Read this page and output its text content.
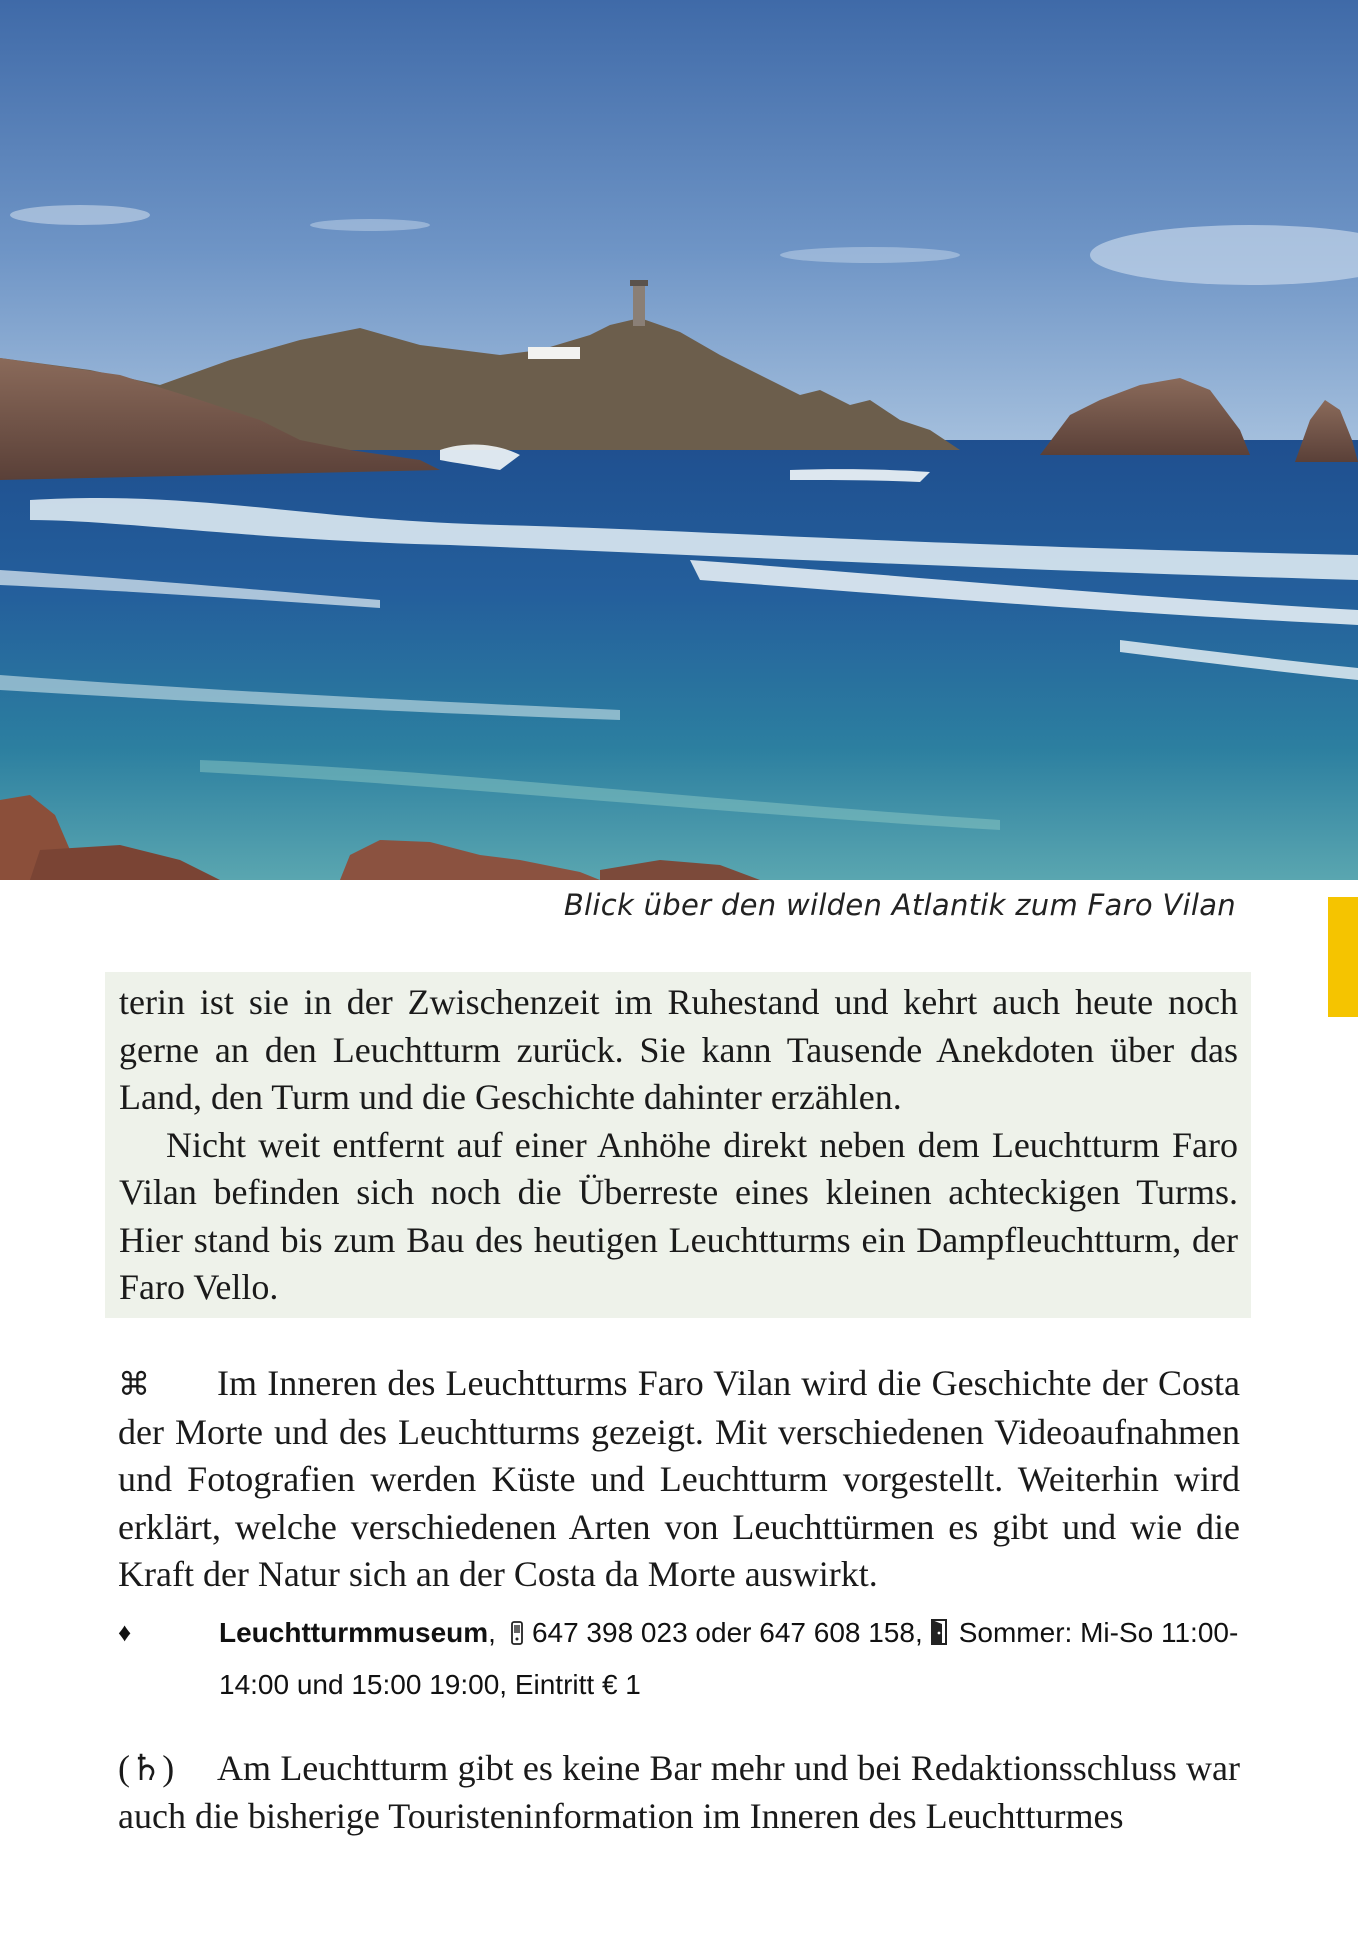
Blick über den wilden Atlantik zum Faro Vilan

terin ist sie in der Zwischenzeit im Ruhestand und kehrt auch heute noch gerne an den Leuchtturm zurück. Sie kann Tausende Anekdoten über das Land, den Turm und die Geschichte dahinter erzählen.

Nicht weit entfernt auf einer Anhöhe direkt neben dem Leuchtturm Faro Vilan befinden sich noch die Überreste eines kleinen achteckigen Turms. Hier stand bis zum Bau des heutigen Leuchtturms ein Dampfleuchtturm, der Faro Vello.

⌘ Im Inneren des Leuchtturms Faro Vilan wird die Geschichte der Costa der Morte und des Leuchtturms gezeigt. Mit verschiedenen Videoaufnahmen und Fotografien werden Küste und Leuchtturm vorgestellt. Weiterhin wird erklärt, welche verschiedenen Arten von Leuchttürmen es gibt und wie die Kraft der Natur sich an der Costa da Morte auswirkt.

♦	Leuchtturmmuseum, 647 398 023 oder 647 608 158, Sommer: Mi-So 11:00-14:00 und 15:00 19:00, Eintritt € 1

(♄) Am Leuchtturm gibt es keine Bar mehr und bei Redaktionsschluss war auch die bisherige Touristeninformation im Inneren des Leuchtturmes
